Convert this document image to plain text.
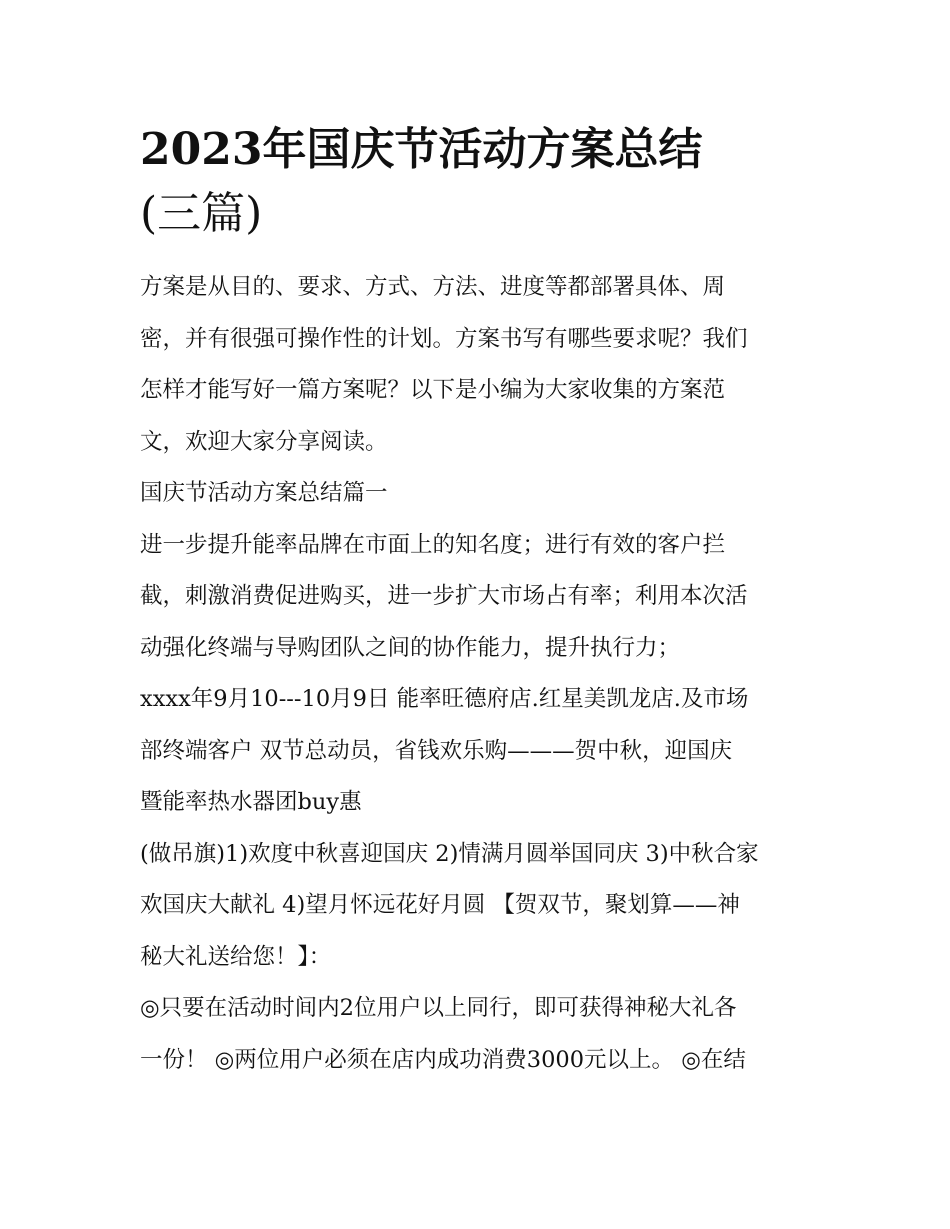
2023年国庆节活动方案总结
(三篇)

方案是从目的、要求、方式、方法、进度等都部署具体、周
密，并有很强可操作性的计划。方案书写有哪些要求呢？我们
怎样才能写好一篇方案呢？以下是小编为大家收集的方案范
文，欢迎大家分享阅读。

国庆节活动方案总结篇一

进一步提升能率品牌在市面上的知名度；进行有效的客户拦
截，刺激消费促进购买，进一步扩大市场占有率；利用本次活
动强化终端与导购团队之间的协作能力，提升执行力；

xxxx年9月10---10月9日 能率旺德府店.红星美凯龙店.及市场
部终端客户 双节总动员，省钱欢乐购———贺中秋，迎国庆
暨能率热水器团buy惠

(做吊旗)1)欢度中秋喜迎国庆 2)情满月圆举国同庆 3)中秋合家
欢国庆大献礼 4)望月怀远花好月圆 【贺双节，聚划算——神
秘大礼送给您！】：

◎只要在活动时间内2位用户以上同行，即可获得神秘大礼各
一份！ ◎两位用户必须在店内成功消费3000元以上。 ◎在结
